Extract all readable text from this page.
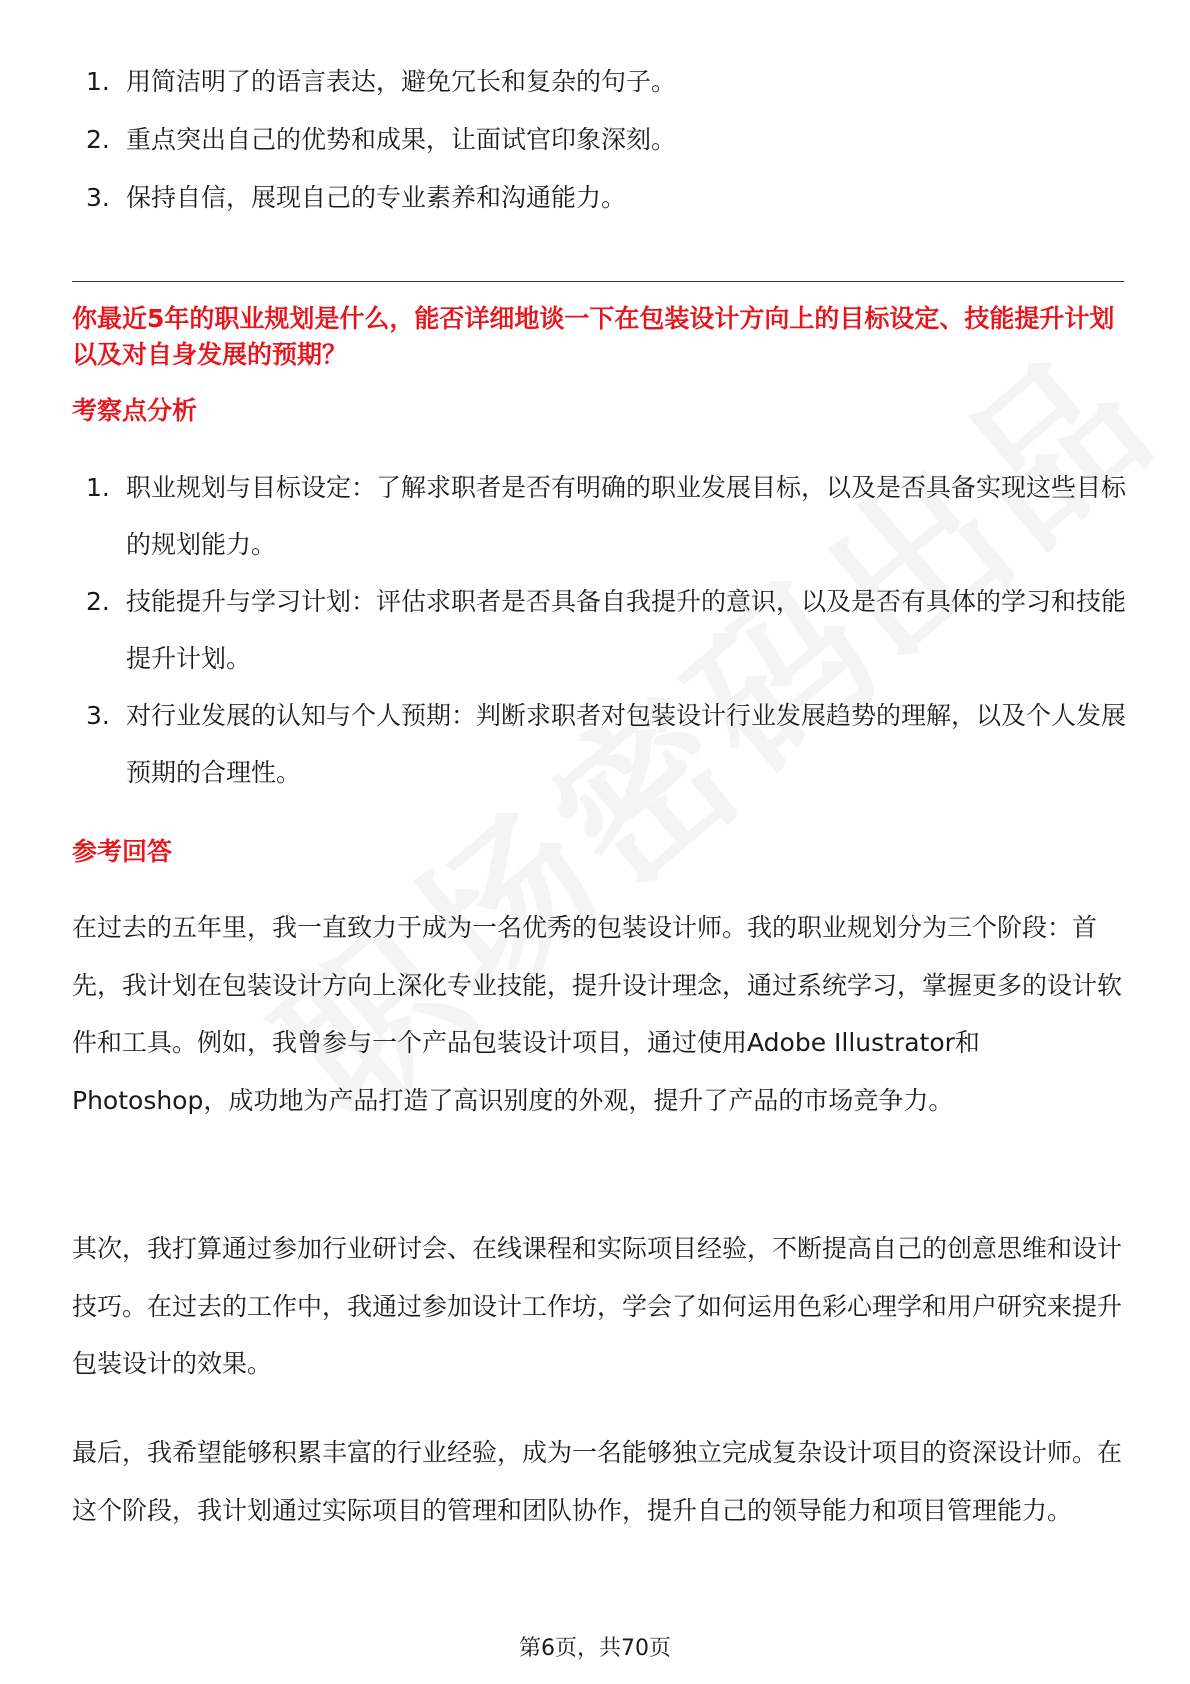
1. 用简洁明了的语言表达，避免冗长和复杂的句子。
2. 重点突出自己的优势和成果，让面试官印象深刻。
3. 保持自信，展现自己的专业素养和沟通能力。
你最近5年的职业规划是什么，能否详细地谈一下在包装设计方向上的目标设定、技能提升计划以及对自身发展的预期？
考察点分析
1. 职业规划与目标设定：了解求职者是否有明确的职业发展目标，以及是否具备实现这些目标的规划能力。
2. 技能提升与学习计划：评估求职者是否具备自我提升的意识，以及是否有具体的学习和技能提升计划。
3. 对行业发展的认知与个人预期：判断求职者对包装设计行业发展趋势的理解，以及个人发展预期的合理性。
参考回答

在过去的五年里，我一直致力于成为一名优秀的包装设计师。我的职业规划分为三个阶段：首先，我计划在包装设计方向上深化专业技能，提升设计理念，通过系统学习，掌握更多的设计软件和工具。例如，我曾参与一个产品包装设计项目，通过使用Adobe Illustrator和Photoshop，成功地为产品打造了高识别度的外观，提升了产品的市场竞争力。

其次，我打算通过参加行业研讨会、在线课程和实际项目经验，不断提高自己的创意思维和设计技巧。在过去的工作中，我通过参加设计工作坊，学会了如何运用色彩心理学和用户研究来提升包装设计的效果。

最后，我希望能够积累丰富的行业经验，成为一名能够独立完成复杂设计项目的资深设计师。在这个阶段，我计划通过实际项目的管理和团队协作，提升自己的领导能力和项目管理能力。

第6页，共70页
